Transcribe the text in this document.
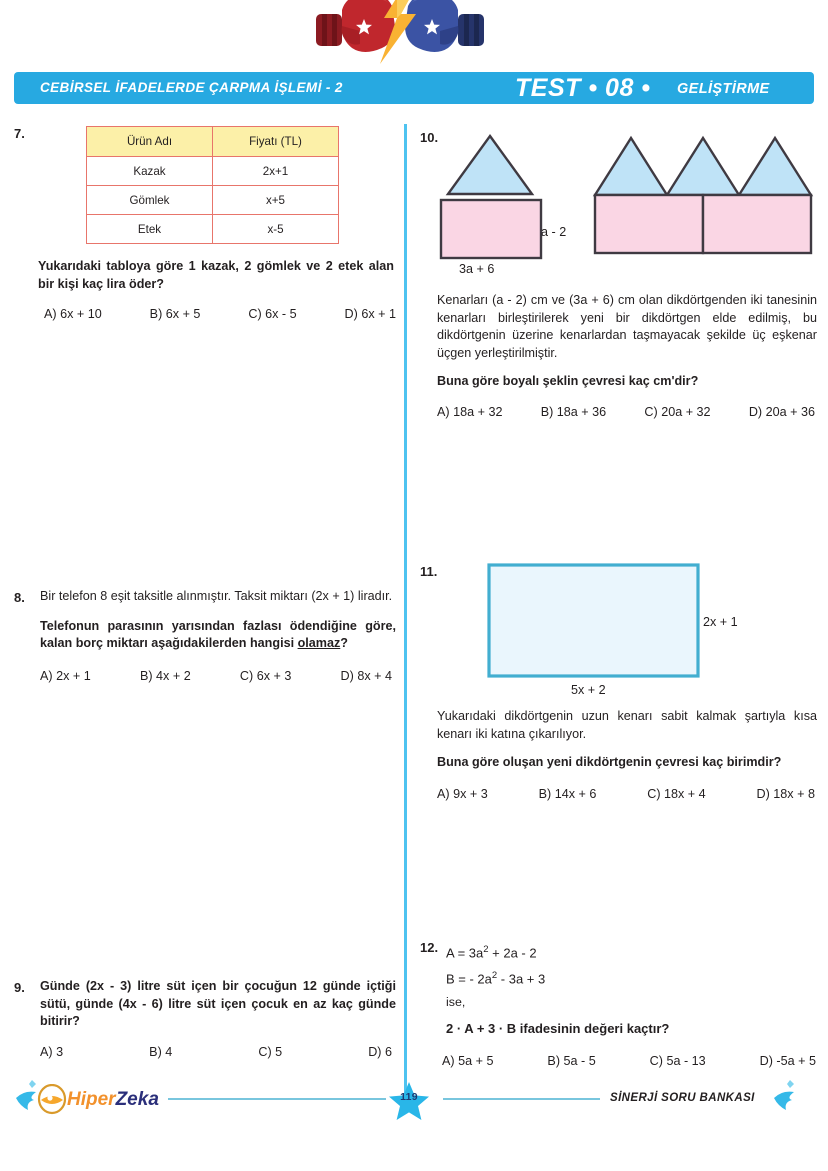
CEBİRSEL İFADELERDE ÇARPMA İŞLEMİ - 2	TEST • 08 • GELİŞTİRME
7.
Ürün Adı	Fiyatı (TL)
Kazak	2x+1
Gömlek	x+5
Etek	x-5
Yukarıdaki tabloya göre 1 kazak, 2 gömlek ve 2 etek alan bir kişi kaç lira öder?
A) 6x + 10	B) 6x + 5	C) 6x - 5	D) 6x + 1
8. Bir telefon 8 eşit taksitle alınmıştır. Taksit miktarı (2x + 1) liradır.
Telefonun parasının yarısından fazlası ödendiğine göre, kalan borç miktarı aşağıdakilerden hangisi olamaz?
A) 2x + 1	B) 4x + 2	C) 6x + 3	D) 8x + 4
9. Günde (2x - 3) litre süt içen bir çocuğun 12 günde içtiği sütü, günde (4x - 6) litre süt içen çocuk en az kaç günde bitirir?
A) 3	B) 4	C) 5	D) 6
10.
a - 2
3a + 6
Kenarları (a - 2) cm ve (3a + 6) cm olan dikdörtgenden iki tanesinin kenarları birleştirilerek yeni bir dikdörtgen elde edilmiş, bu dikdörtgenin üzerine kenarlardan taşmayacak şekilde üç eşkenar üçgen yerleştirilmiştir.
Buna göre boyalı şeklin çevresi kaç cm'dir?
A) 18a + 32	B) 18a + 36	C) 20a + 32	D) 20a + 36
11.
2x + 1
5x + 2
Yukarıdaki dikdörtgenin uzun kenarı sabit kalmak şartıyla kısa kenarı iki katına çıkarılıyor.
Buna göre oluşan yeni dikdörtgenin çevresi kaç birimdir?
A) 9x + 3	B) 14x + 6	C) 18x + 4	D) 18x + 8
12. $A = 3a^2 + 2a - 2$
B = - $2a^2 - 3a + 3$
ise,
2 · A + 3 · B ifadesinin değeri kaçtır?
A) 5a + 5	B) 5a - 5	C) 5a - 13	D) -5a + 5
HiperZeka	119	SİNERJİ SORU BANKASI
